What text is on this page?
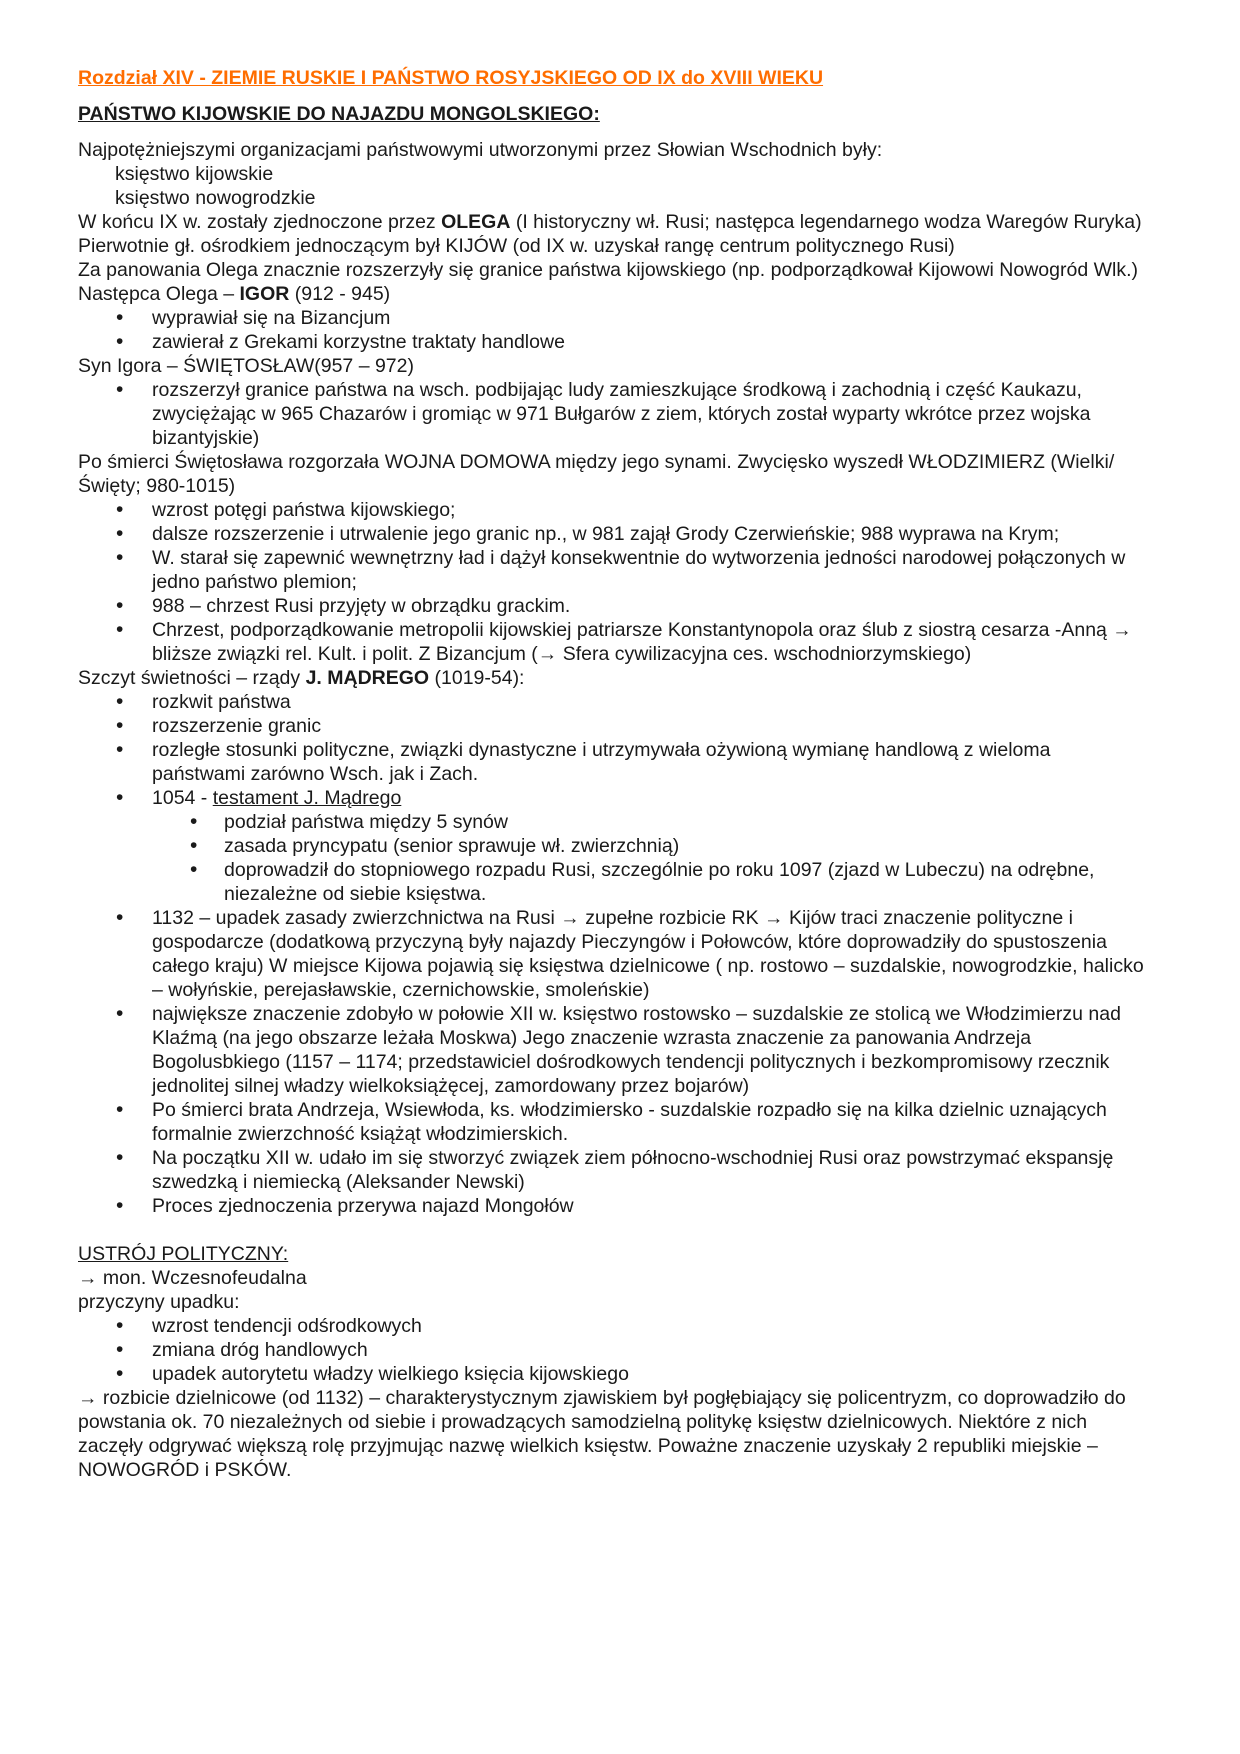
Rozdział XIV - ZIEMIE RUSKIE I PAŃSTWO ROSYJSKIEGO OD IX do XVIII WIEKU

PAŃSTWO KIJOWSKIE DO NAJAZDU MONGOLSKIEGO:

Najpotężniejszymi organizacjami państwowymi utworzonymi przez Słowian Wschodnich były:

księstwo kijowskie

księstwo nowogrodzkie

W końcu IX w. zostały zjednoczone przez OLEGA (I historyczny wł. Rusi; następca legendarnego wodza Waregów Ruryka)

Pierwotnie gł. ośrodkiem jednoczącym był KIJÓW (od IX w. uzyskał rangę centrum politycznego Rusi)

Za panowania Olega znacznie rozszerzyły się granice państwa kijowskiego (np. podporządkował Kijowowi Nowogród Wlk.)

Następca Olega – IGOR (912 - 945)

• wyprawiał się na Bizancjum
• zawierał z Grekami korzystne traktaty handlowe

Syn Igora – ŚWIĘTOSŁAW(957 – 972)

• rozszerzył granice państwa na wsch. podbijając ludy zamieszkujące środkową i zachodnią i część Kaukazu, zwyciężając w 965 Chazarów i gromiąc w 971 Bułgarów z ziem, których został wyparty wkrótce przez wojska bizantyjskie)

Po śmierci Świętosława rozgorzała WOJNA DOMOWA między jego synami. Zwycięsko wyszedł WŁODZIMIERZ (Wielki/Święty; 980-1015)

• wzrost potęgi państwa kijowskiego;
• dalsze rozszerzenie i utrwalenie jego granic np., w 981 zajął Grody Czerwieńskie; 988 wyprawa na Krym;
• W. starał się zapewnić wewnętrzny ład i dążył konsekwentnie do wytworzenia jedności narodowej połączonych w jedno państwo plemion;
• 988 – chrzest Rusi przyjęty w obrządku grackim.
• Chrzest, podporządkowanie metropolii kijowskiej patriarsze Konstantynopola oraz ślub z siostrą cesarza -Anną → bliższe związki rel. Kult. i polit. Z Bizancjum (→ Sfera cywilizacyjna ces. wschodniorzymskiego)

Szczyt świetności – rządy J. MĄDREGO (1019-54):

• rozkwit państwa
• rozszerzenie granic
• rozległe stosunki polityczne, związki dynastyczne i utrzymywała ożywioną wymianę handlową z wieloma państwami zarówno Wsch. jak i Zach.
• 1054 - testament J. Mądrego
• podział państwa między 5 synów
• zasada pryncypatu (senior sprawuje wł. zwierzchnią)
• doprowadził do stopniowego rozpadu Rusi, szczególnie po roku 1097 (zjazd w Lubeczu) na odrębne, niezależne od siebie księstwa.
• 1132 – upadek zasady zwierzchnictwa na Rusi → zupełne rozbicie RK → Kijów traci znaczenie polityczne i gospodarcze (dodatkową przyczyną były najazdy Pieczyngów i Połowców, które doprowadziły do spustoszenia całego kraju) W miejsce Kijowa pojawią się księstwa dzielnicowe ( np. rostowo – suzdalskie, nowogrodzkie, halicko – wołyńskie, perejasławskie, czernichowskie, smoleńskie)
• największe znaczenie zdobyło w połowie XII w. księstwo rostowsko – suzdalskie ze stolicą we Włodzimierzu nad Klaźmą (na jego obszarze leżała Moskwa) Jego znaczenie wzrasta znaczenie za panowania Andrzeja Bogolusbkiego (1157 – 1174; przedstawiciel dośrodkowych tendencji politycznych i bezkompromisowy rzecznik jednolitej silnej władzy wielkoksiążęcej, zamordowany przez bojarów)
• Po śmierci brata Andrzeja, Wsiewłoda, ks. włodzimiersko - suzdalskie rozpadło się na kilka dzielnic uznających formalnie zwierzchność książąt włodzimierskich.
• Na początku XII w. udało im się stworzyć związek ziem północno-wschodniej Rusi oraz powstrzymać ekspansję szwedzką i niemiecką (Aleksander Newski)
• Proces zjednoczenia przerywa najazd Mongołów

USTRÓJ POLITYCZNY:

→ mon. Wczesnofeudalna

przyczyny upadku:

• wzrost tendencji odśrodkowych
• zmiana dróg handlowych
• upadek autorytetu władzy wielkiego księcia kijowskiego

→ rozbicie dzielnicowe (od 1132) – charakterystycznym zjawiskiem był pogłębiający się policentryzm, co doprowadziło do powstania ok. 70 niezależnych od siebie i prowadzących samodzielną politykę księstw dzielnicowych. Niektóre z nich zaczęły odgrywać większą rolę przyjmując nazwę wielkich księstw. Poważne znaczenie uzyskały 2 republiki miejskie – NOWOGRÓD i PSKÓW.
